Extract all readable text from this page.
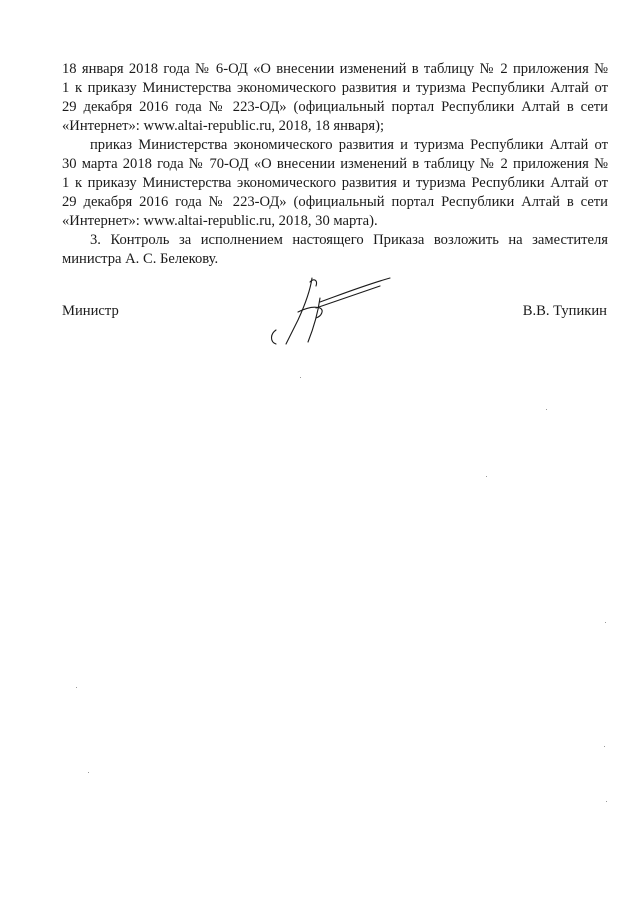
18 января 2018 года № 6-ОД «О внесении изменений в таблицу № 2 приложения №
1 к приказу Министерства экономического развития и туризма Республики Алтай от
29 декабря 2016 года № 223-ОД» (официальный портал Республики Алтай в сети
«Интернет»: www.altai-republic.ru, 2018, 18 января);
приказ Министерства экономического развития и туризма Республики Алтай от
30 марта 2018 года № 70-ОД «О внесении изменений в таблицу № 2 приложения №
1 к приказу Министерства экономического развития и туризма Республики Алтай от
29 декабря 2016 года № 223-ОД» (официальный портал Республики Алтай в сети
«Интернет»: www.altai-republic.ru, 2018, 30 марта).
3. Контроль за исполнением настоящего Приказа возложить на заместителя
министра А. С. Белекову.
Министр	В.В. Тупикин
